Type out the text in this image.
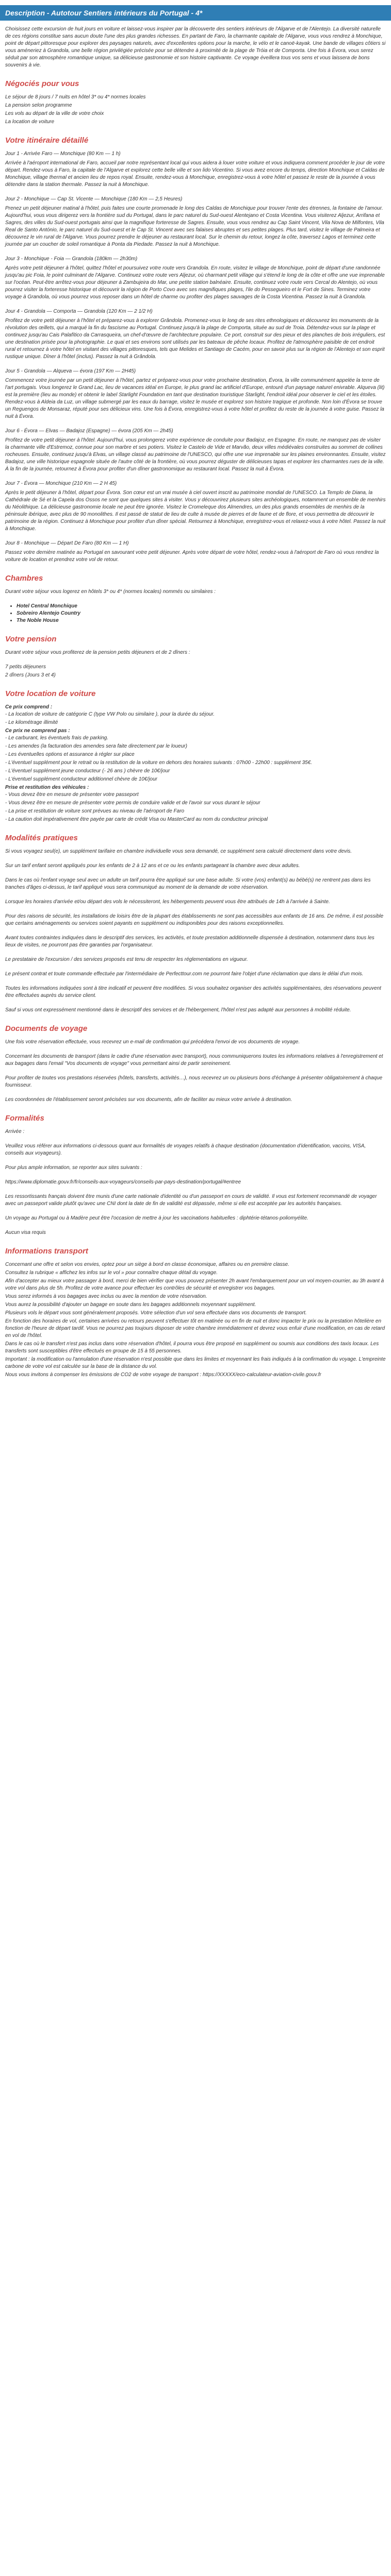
Description - Autotour Sentiers intérieurs du Portugal - 4*

Choisissez cette excursion de huit jours en voiture et laissez-vous inspirer par la découverte des sentiers intérieurs de l'Algarve et de l'Alentejo. La diversité naturelle de ces régions constitue sans aucun doute l'une des plus grandes richesses. En partant de Faro, la charmante capitale de l'Algarve, vous vous rendrez à Monchique, point de départ pittoresque pour explorer des paysages naturels, avec d'excellentes options pour la marche, le vélo et le canoë-kayak. Une bande de villages côtiers si vous améneriez à Grandola, une belle région privilégiée précisée pour se détendre à proximité de la plage de Tróia et de Comporta. Une fois à Évora, vous serez séduit par son atmosphère romantique unique, sa délicieuse gastronomie et son histoire captivante. Ce voyage éveillera tous vos sens et vous laissera de bons souvenirs à vie.

Négociés pour vous
Le séjour de 8 jours / 7 nuits en hôtel 3* ou 4* normes locales
La pension selon programme
Les vols au départ de la ville de votre choix
La location de voiture
Votre itinéraire détaillé
Jour 1 - Arrivée Faro — Monchique (80 Km — 1 h)

Arrivée à l'aéroport international de Faro, accueil par notre représentant local qui vous aidera à louer votre voiture et vous indiquera comment procéder le jour de votre départ. Rendez-vous à Faro, la capitale de l'Algarve et explorez cette belle ville et son lido Vicentino. Si vous avez encore du temps, direction Monchique et Caldas de Monchique, village thermal et ancien lieu de repos royal. Ensuite, rendez-vous à Monchique, enregistrez-vous à votre hôtel et passez le reste de la journée à vous détendre dans la station thermale. Passez la nuit à Monchique.

Jour 2 - Monchique — Cap St. Vicente — Monchique (180 Km — 2,5 Heures)

Prenez un petit déjeuner matinal à l'hôtel, puis faites une courte promenade le long des Caldas de Monchique pour trouver l'ente des étrennes, la fontaine de l'amour. Aujourd'hui, vous vous dirigerez vers la frontière sud du Portugal, dans le parc naturel du Sud-ouest Alentejano et Costa Vicentina. Vous visiterez Aljezur, Arrifana et Sagres, des villes du Sud-ouest portugais ainsi que la magnifique forteresse de Sagres. Ensuite, vous vous rendrez au Cap Saint Vincent, Vila Nova de Milfontes, Vila Real de Santo António, le parc naturel du Sud-ouest et le Cap St. Vincent avec ses falaises abruptes et ses petites plages. Plus tard, visitez le village de Palmeira et découvrez le vin rural de l'Algarve. Vous pourrez prendre le déjeuner au restaurant local. Sur le chemin du retour, longez la côte, traversez Lagos et terminez cette journée par un coucher de soleil romantique à Ponta da Piedade. Passez la nuit à Monchique.

Jour 3 - Monchique - Foia — Grandola (180km — 2h30m)

Après votre petit déjeuner à l'hôtel, quittez l'hôtel et poursuivez votre route vers Grandola. En route, visitez le village de Monchique, point de départ d'une randonnée jusqu'au pic Foia, le point culminant de l'Algarve. Continuez votre route vers Aljezur, où charmant petit village qui s'étend le long de la côte et offre une vue imprenable sur l'océan. Peut-être arrêtez-vous pour déjeuner à Zambujeira do Mar, une petite station balnéaire. Ensuite, continuez votre route vers Cercal do Alentejo, où vous pourrez visiter la forteresse historique et découvrir la région de Porto Covo avec ses magnifiques plages, l'ile do Pessegueiro et le Fort de Sines. Terminez votre voyage à Grandola, où vous pourrez vous reposer dans un hôtel de charme ou profiter des plages sauvages de la Costa Vicentina. Passez la nuit à Grandola.

Jour 4 - Grandola — Comporta — Grandola (120 Km — 2 1/2 H)

Profitez de votre petit déjeuner à l'hôtel et préparez-vous à explorer Grândola. Promenez-vous le long de ses rites ethnologiques et découvrez les monuments de la révolution des œillets, qui a marqué la fin du fascisme au Portugal. Continuez jusqu'à la plage de Comporta, située au sud de Troia. Détendez-vous sur la plage et continuez jusqu'au Cais Palafítico da Carrasqueira, un chef-d'œuvre de l'architecture populaire. Ce port, construit sur des pieux et des planches de bois irréguliers, est une destination prisée pour la photographie. Le quai et ses environs sont utilisés par les bateaux de pêche locaux. Profitez de l'atmosphère paisible de cet endroit rural et retournez à votre hôtel en visitant des villages pittoresques, tels que Melides et Santiago de Cacém, pour en savoir plus sur la région de l'Alentejo et son esprit rustique unique. Dîner à l'hôtel (inclus). Passez la nuit à Grândola.

Jour 5 - Grandola — Alqueva — évora (197 Km — 2H45)

Commencez votre journée par un petit déjeuner à l'hôtel, partez et préparez-vous pour votre prochaine destination, Évora, la ville communément appelée la terre de l'art portugais. Vous longerez le Grand Lac, lieu de vacances idéal en Europe, le plus grand lac artificiel d'Europe, entouré d'un paysage naturel enivrable. Alqueva (lit) est la première (lieu au monde) et obtenir le label Starlight Foundation en tant que destination touristique Starlight, l'endroit idéal pour observer le ciel et les étoiles. Rendez-vous à Aldeia da Luz, un village submergé par les eaux du barrage, visitez le musée et explorez son histoire tragique et profonde. Non loin d'Évora se trouve un Reguengos de Monsaraz, réputé pour ses délicieux vins. Une fois à Évora, enregistrez-vous à votre hôtel et profitez du reste de la journée à votre guise. Passez la nuit à Évora.

Jour 6 - Évora — Elvas — Badajoz (Espagne) — évora (205 Km — 2h45)

Profitez de votre petit déjeuner à l'hôtel. Aujourd'hui, vous prolongerez votre expérience de conduite pour Badajoz, en Espagne. En route, ne manquez pas de visiter la charmante ville d'Estremoz, connue pour son marbre et ses potiers. Visitez le Castelo de Vide et Marvão, deux villes médiévales construites au sommet de collines rocheuses. Ensuite, continuez jusqu'à Elvas, un village classé au patrimoine de l'UNESCO, qui offre une vue imprenable sur les plaines environnantes. Ensuite, visitez Badajoz, une ville historique espagnole située de l'autre côté de la frontière, où vous pourrez déguster de délicieuses tapas et explorer les charmantes rues de la ville. À la fin de la journée, retournez à Évora pour profiter d'un dîner gastronomique au restaurant local. Passez la nuit à Évora.

Jour 7 - Évora — Monchique (210 Km — 2 H 45)

Après le petit déjeuner à l'hôtel, départ pour Évora. Son cœur est un vrai musée à ciel ouvert inscrit au patrimoine mondial de l'UNESCO. La Templo de Diana, la Cathédrale de Sé et la Capela dos Ossos ne sont que quelques sites à visiter. Vous y découvrirez plusieurs sites archéologiques, notamment un ensemble de menhirs du Néolithique. La délicieuse gastronomie locale ne peut être ignorée. Visitez le Cromeleque dos Almendres, un des plus grands ensembles de menhirs de la péninsule ibérique, avec plus de 90 monolithes. Il est passé de statut de lieu de culte à musée de pierres et de faune et de flore, et vous permettra de découvrir le patrimoine de la région. Continuez à Monchique pour profiter d'un dîner spécial. Retournez à Monchique, enregistrez-vous et relaxez-vous à votre hôtel. Passez la nuit à Monchique.

Jour 8 - Monchique — Départ De Faro (80 Km — 1 H)

Passez votre dernière matinée au Portugal en savourant votre petit déjeuner. Après votre départ de votre hôtel, rendez-vous à l'aéroport de Faro où vous rendrez la voiture de location et prendrez votre vol de retour.

Chambres

Durant votre séjour vous logerez en hôtels 3* ou 4* (normes locales) nommés ou similaires :

• Hotel Central Monchique
• Sobreiro Alentejo Country
• The Noble House
Votre pension

Durant votre séjour vous profiterez de la pension petits déjeuners et de 2 dîners :

7 petits déjeuners
2 dîners (Jours 3 et 4)
Votre location de voiture
Ce prix comprend :
- La location de voiture de catégorie C (type VW Polo ou similaire ), pour la durée du séjour.
- Le kilométrage illimité
Ce prix ne comprend pas :
- Le carburant, les éventuels frais de parking.
- Les amendes (la facturation des amendes sera faite directement par le loueur)
- Les éventuelles options et assurance à régler sur place
- L'éventuel supplément pour le retrait ou la restitution de la voiture en dehors des horaires suivants : 07h00 - 22h00 : supplément 35€.
- L'éventuel supplément jeune conducteur (- 26 ans ) chèvre de 10€/jour
- L'éventuel supplément conducteur additionnel chèvre de 10€/jour
Prise et restitution des véhicules :
- Vous devez être en mesure de présenter votre passeport
- Vous devez être en mesure de présenter votre permis de conduire valide et de l'avoir sur vous durant le séjour
- La prise et restitution de voiture sont prévues au niveau de l'aéroport de Faro
- La caution doit impérativement être payée par carte de crédit Visa ou MasterCard au nom du conducteur principal
Modalités pratiques

Si vous voyagez seul(e), un supplément tarifaire en chambre individuelle vous sera demandé, ce supplément sera calculé directement dans votre devis.

Sur un tarif enfant seront appliqués pour les enfants de 2 à 12 ans et ce ou les enfants partageant la chambre avec deux adultes.

Dans le cas où l'enfant voyage seul avec un adulte un tarif pourra être appliqué sur une base adulte. Si votre (vos) enfant(s) au bébé(s) ne rentrent pas dans les tranches d'âges ci-dessus, le tarif appliqué vous sera communiqué au moment de la demande de votre réservation.

Lorsque les horaires d'arrivée et/ou départ des vols le nécessiteront, les hébergements peuvent vous être attribués de 14h à l'arrivée à Sainte.

Pour des raisons de sécurité, les installations de loisirs être de la plupart des établissements ne sont pas accessibles aux enfants de 16 ans. De même, il est possible que certains aménagements ou services soient payants en supplément ou indisponibles pour des raisons exceptionnelles.

Avant toutes contraintes indiquées dans le descriptif des services, les activités, et toute prestation additionnelle dispensée à destination, notamment dans tous les lieux de visites, ne pourront pas être garanties par l'organisateur.

Le prestataire de l'excursion / des services proposés est tenu de respecter les réglementations en vigueur.

Le présent contrat et toute commande effectuée par l'intermédiaire de Perfecttour.com ne pourront faire l'objet d'une réclamation que dans le délai d'un mois.

Toutes les informations indiquées sont à titre indicatif et peuvent être modifiées. Si vous souhaitez organiser des activités supplémentaires, des réservations peuvent être effectuées auprès du service client.

Sauf si vous ont expressément mentionné dans le descriptif des services et de l'hébergement, l'hôtel n'est pas adapté aux personnes à mobilité réduite.

Documents de voyage

Une fois votre réservation effectuée, vous recevrez un e-mail de confirmation qui précédera l'envoi de vos documents de voyage.

Concernant les documents de transport (dans le cadre d'une réservation avec transport), nous communiquerons toutes les informations relatives à l'enregistrement et aux bagages dans l'email "Vos documents de voyage" vous permettant ainsi de partir sereinement.

Pour profiter de toutes vos prestations réservées (hôtels, transferts, activités…), nous recevrez un ou plusieurs bons d'échange à présenter obligatoirement à chaque fournisseur.

Les coordonnées de l'établissement seront précisées sur vos documents, afin de faciliter au mieux votre arrivée à destination.

Formalités

Arrivée :

Veuillez vous référer aux informations ci-dessous quant aux formalités de voyages relatifs à chaque destination (documentation d'identification, vaccins, VISA, conseils aux voyageurs).

Pour plus ample information, se reporter aux sites suivants :

https://www.diplomatie.gouv.fr/fr/conseils-aux-voyageurs/conseils-par-pays-destination/portugal/#entree

Les ressortissants français doivent être munis d'une carte nationale d'identité ou d'un passeport en cours de validité. Il vous est fortement recommandé de voyager avec un passeport valide plutôt qu'avec une CNI dont la date de fin de validité est dépassée, même si elle est acceptée par les autorités françaises.

Un voyage au Portugal ou à Madère peut être l'occasion de mettre à jour les vaccinations habituelles : diphtérie-tétanos-poliomyélite.

Aucun visa requis

Informations transport
Concernant une offre et selon vos envies, optez pour un siège à bord en classe économique, affaires ou en première classe.
Consultez la rubrique « affichez les infos sur le vol » pour connaître chaque détail du voyage.
Afin d'accepter au mieux votre passager à bord, merci de bien vérifier que vous pouvez présenter 2h avant l'embarquement pour un vol moyen-courrier, au 3h avant à votre vol dans plus de 5h. Profitez de votre avance pour effectuer les contrôles de sécurité et enregistrer vos bagages.
Vous serez informés à vos bagages avec inclus ou avec la mention de votre réservation.
Vous aurez la possibilité d'ajouter un bagage en soute dans les bagages additionnels moyennant supplément.
Plusieurs vols le départ vous sont généralement proposés. Votre sélection d'un vol sera effectuée dans vos documents de transport.
En fonction des horaires de vol, certaines arrivées ou retours peuvent s'effectuer tôt en matinée ou en fin de nuit et donc impacter le prix ou la prestation hôtelière en fonction de l'heure de départ tardif. Vous ne pourrez pas toujours disposer de votre chambre immédiatement et devrez vous enfuir d'une modification, en cas de retard en vol de l'hôtel.
Dans le cas où le transfert n'est pas inclus dans votre réservation d'hôtel, il pourra vous être proposé en supplément ou soumis aux conditions des taxis locaux. Les transferts sont susceptibles d'être effectués en groupe de 15 à 55 personnes.
Important : la modification ou l'annulation d'une réservation n'est possible que dans les limites et moyennant les frais indiqués à la confirmation du voyage. L'empreinte carbone de votre vol est calculée sur la base de la distance du vol.
Nous vous invitons à compenser les émissions de CO2 de votre voyage de transport : https://XXXXX/eco-calculateur-aviation-civile.gouv.fr
